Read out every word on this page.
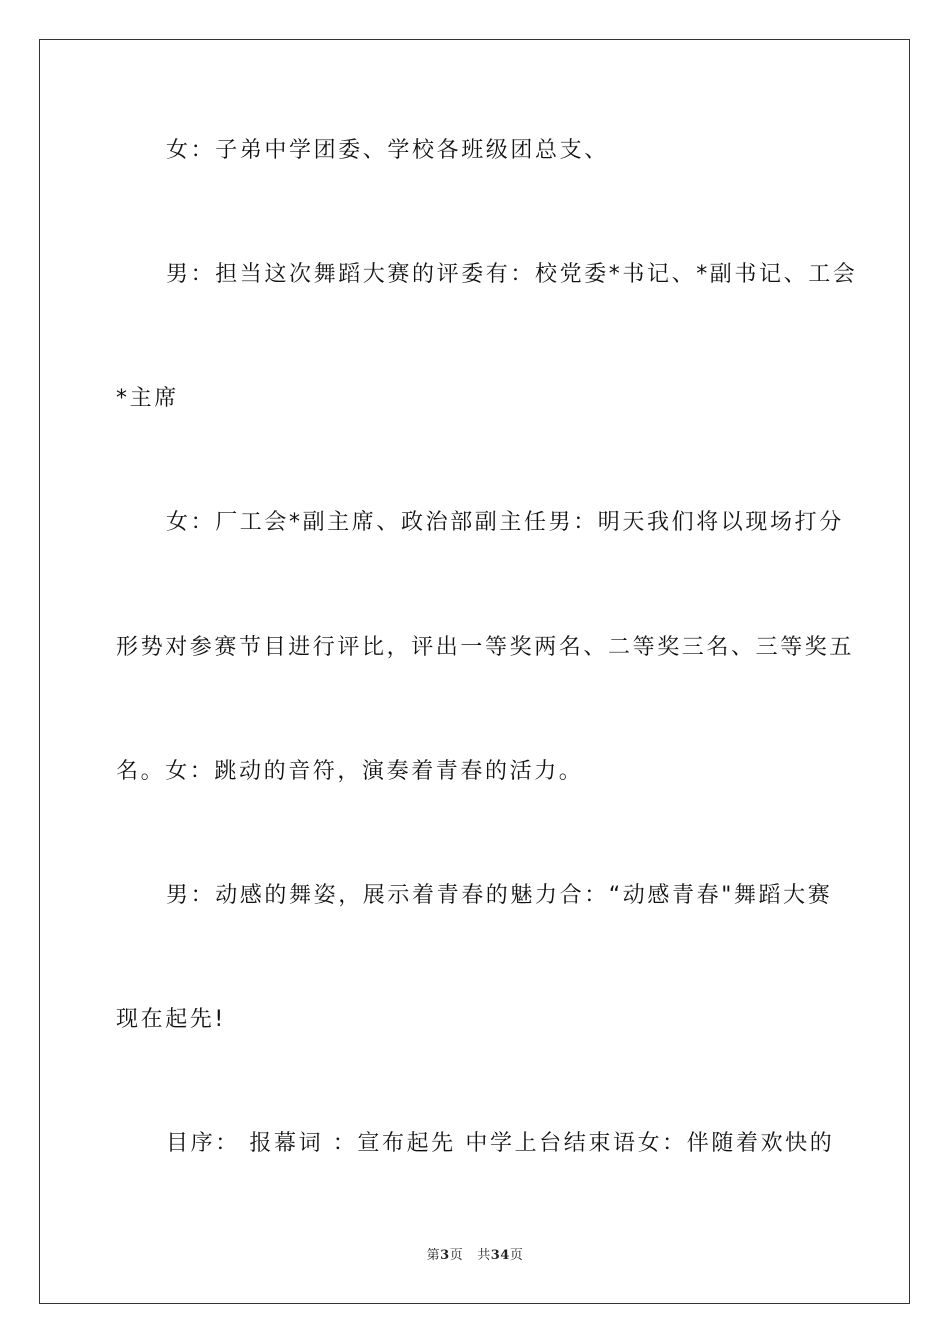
女：子弟中学团委、学校各班级团总支、
男：担当这次舞蹈大赛的评委有：校党委*书记、*副书记、工会
*主席
女：厂工会*副主席、政治部副主任男：明天我们将以现场打分
形势对参赛节目进行评比，评出一等奖两名、二等奖三名、三等奖五
名。女：跳动的音符，演奏着青春的活力。
男：动感的舞姿，展示着青春的魅力合：“动感青春"舞蹈大赛
现在起先!
目序： 报幕词 ：宣布起先 中学上台结束语女：伴随着欢快的
第3页 共34页
